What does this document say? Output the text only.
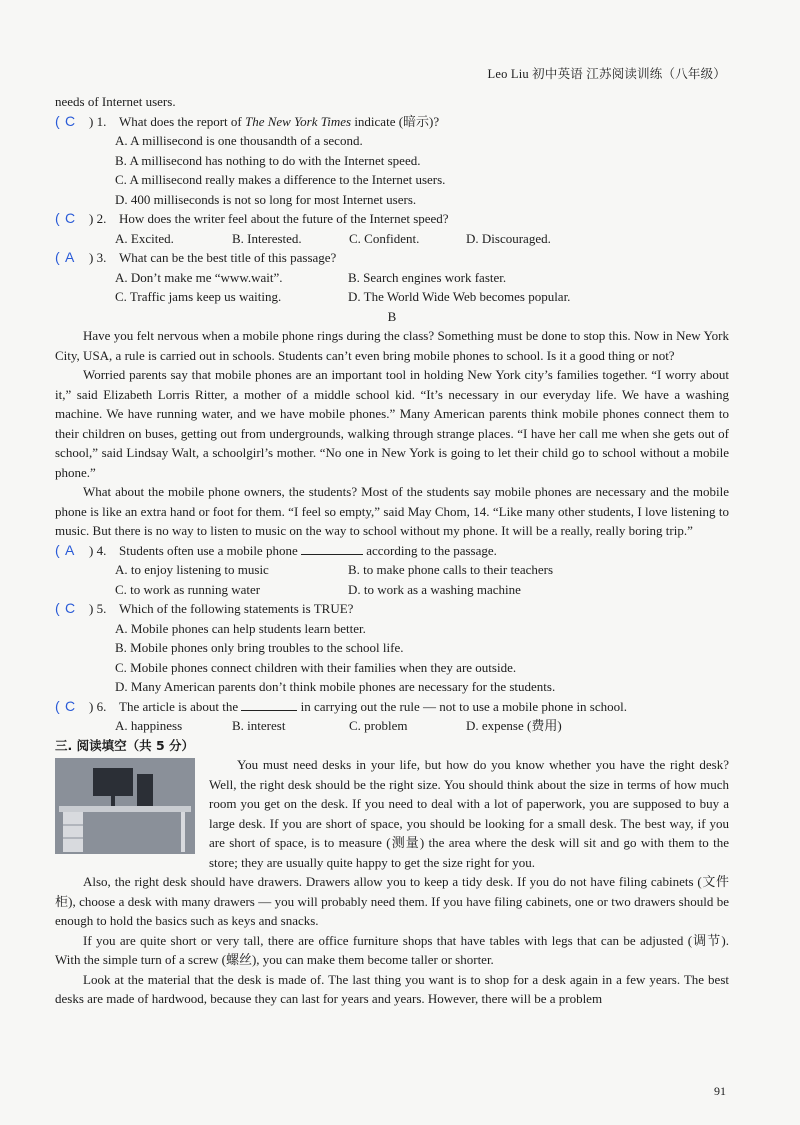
Leo Liu 初中英语 江苏阅读训练（八年级）
needs of Internet users.
( C	) 1. What does the report of The New York Times indicate (暗示)?
A. A millisecond is one thousandth of a second.
B. A millisecond has nothing to do with the Internet speed.
C. A millisecond really makes a difference to the Internet users.
D. 400 milliseconds is not so long for most Internet users.
( C	) 2. How does the writer feel about the future of the Internet speed?
A. Excited.	B. Interested.	C. Confident.	D. Discouraged.
( A	) 3. What can be the best title of this passage?
A. Don’t make me “www.wait”.	B. Search engines work faster.
C. Traffic jams keep us waiting.	D. The World Wide Web becomes popular.
B

Have you felt nervous when a mobile phone rings during the class? Something must be done to stop this. Now in New York City, USA, a rule is carried out in schools. Students can’t even bring mobile phones to school. Is it a good thing or not?

Worried parents say that mobile phones are an important tool in holding New York city’s families together. “I worry about it,” said Elizabeth Lorris Ritter, a mother of a middle school kid. “It’s necessary in our everyday life. We have a washing machine. We have running water, and we have mobile phones.” Many American parents think mobile phones connect them to their children on buses, getting out from undergrounds, walking through strange places. “I have her call me when she gets out of school,” said Lindsay Walt, a schoolgirl’s mother. “No one in New York is going to let their child go to school without a mobile phone.”

What about the mobile phone owners, the students? Most of the students say mobile phones are necessary and the mobile phone is like an extra hand or foot for them. “I feel so empty,” said May Chom, 14. “Like many other students, I love listening to music. But there is no way to listen to music on the way to school without my phone. It will be a really, really boring trip.”

( A	) 4. Students often use a mobile phone	according to the passage.
A. to enjoy listening to music	B. to make phone calls to their teachers
C. to work as running water	D. to work as a washing machine
( C	) 5. Which of the following statements is TRUE?
A. Mobile phones can help students learn better.
B. Mobile phones only bring troubles to the school life.
C. Mobile phones connect children with their families when they are outside.
D. Many American parents don’t think mobile phones are necessary for the students.
( C	) 6. The article is about the	in carrying out the rule — not to use a mobile phone in school.
A. happiness	B. interest	C. problem	D. expense (费用)
三. 阅读填空（共 5 分）

You must need desks in your life, but how do you know whether you have the right desk? Well, the right desk should be the right size. You should think about the size in terms of how much room you get on the desk. If you need to deal with a lot of paperwork, you are supposed to buy a large desk. If you are short of space, you should be looking for a small desk. The best way, if you are short of space, is to measure (测量) the area where the desk will sit and go with them to the store; they are usually quite happy to get the size right for you.

Also, the right desk should have drawers. Drawers allow you to keep a tidy desk. If you do not have filing cabinets (文件柜), choose a desk with many drawers — you will probably need them. If you have filing cabinets, one or two drawers should be enough to hold the basics such as keys and snacks.

If you are quite short or very tall, there are office furniture shops that have tables with legs that can be adjusted (调节). With the simple turn of a screw (螺丝), you can make them become taller or shorter.

Look at the material that the desk is made of. The last thing you want is to shop for a desk again in a few years. The best desks are made of hardwood, because they can last for years and years. However, there will be a problem

91
